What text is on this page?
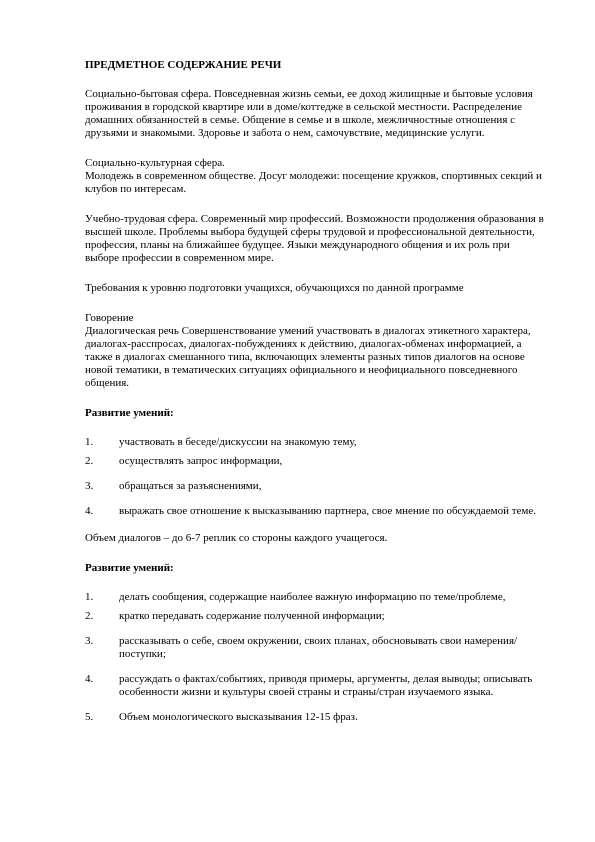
ПРЕДМЕТНОЕ СОДЕРЖАНИЕ РЕЧИ
Социально-бытовая сфера. Повседневная жизнь семьи, ее доход жилищные и бытовые условия проживания в городской квартире или в доме/коттедже в сельской местности. Распределение домашних обязанностей в семье. Общение в семье и в школе, межличностные отношения с друзьями и знакомыми. Здоровье и забота о нем, самочувствие, медицинские услуги.
Социально-культурная сфера.
Молодежь в современном обществе. Досуг молодежи: посещение кружков, спортивных секций и клубов по интересам.
Учебно-трудовая сфера. Современный мир профессий. Возможности продолжения образования в высшей школе. Проблемы выбора будущей сферы трудовой и профессиональной деятельности, профессия, планы на ближайшее будущее. Языки международного общения и их роль при выборе профессии в современном мире.
Требования к уровню подготовки учащихся, обучающихся по данной программе
Говорение
Диалогическая речь Совершенствование умений участвовать в диалогах этикетного характера, диалогах-расспросах, диалогах-побуждениях к действию, диалогах-обменах информацией, а также в диалогах смешанного типа, включающих элементы разных типов диалогов на основе новой тематики, в тематических ситуациях официального и неофициального повседневного общения.
Развитие умений:
1.	участвовать в беседе/дискуссии на знакомую тему,
2.	осуществлять запрос информации,
3.	обращаться за разъяснениями,
4. выражать свое отношение к высказыванию партнера, свое мнение по обсуждаемой теме.
Объем диалогов – до 6-7 реплик со стороны каждого учащегося.
Развитие умений:
1.	делать сообщения, содержащие наиболее важную информацию по теме/проблеме,
2.	кратко передавать содержание полученной информации;
3.	рассказывать о себе, своем окружении, своих планах, обосновывать свои намерения/поступки;
4.	рассуждать о фактах/событиях, приводя примеры, аргументы, делая выводы; описывать особенности жизни и культуры своей страны и страны/стран изучаемого языка.
5.	Объем монологического высказывания 12-15 фраз.
